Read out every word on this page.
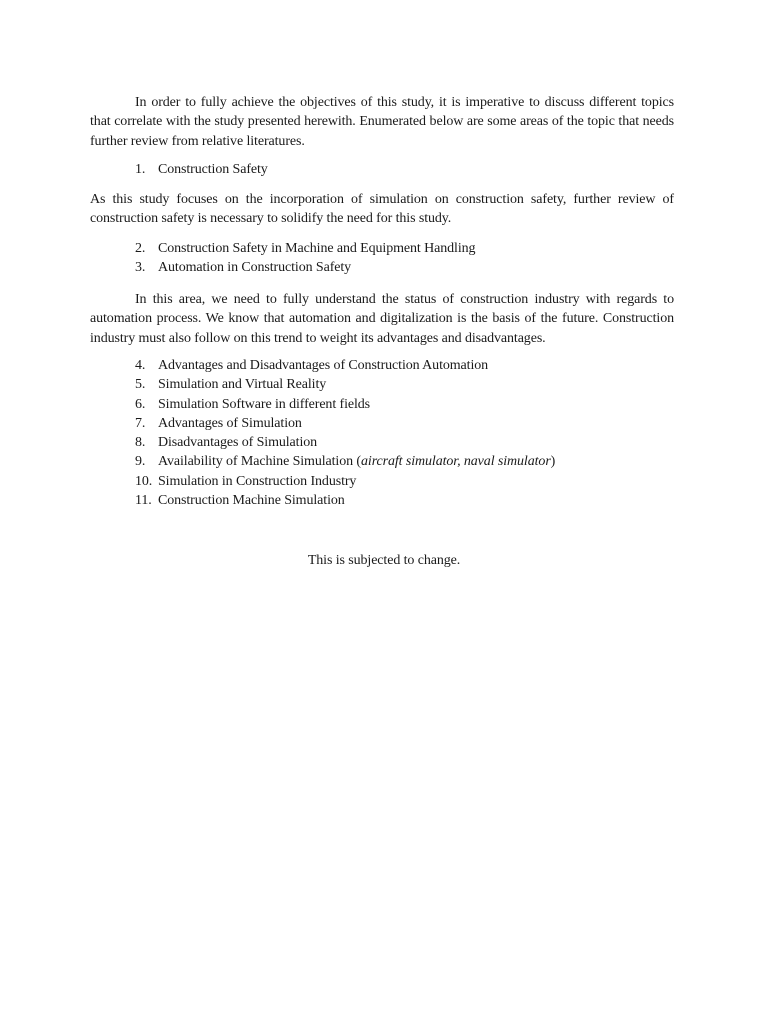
In order to fully achieve the objectives of this study, it is imperative to discuss different topics that correlate with the study presented herewith. Enumerated below are some areas of the topic that needs further review from relative literatures.

1. Construction Safety

As this study focuses on the incorporation of simulation on construction safety, further review of construction safety is necessary to solidify the need for this study.

2. Construction Safety in Machine and Equipment Handling
3. Automation in Construction Safety

In this area, we need to fully understand the status of construction industry with regards to automation process. We know that automation and digitalization is the basis of the future. Construction industry must also follow on this trend to weight its advantages and disadvantages.

4. Advantages and Disadvantages of Construction Automation
5. Simulation and Virtual Reality
6. Simulation Software in different fields
7. Advantages of Simulation
8. Disadvantages of Simulation
9. Availability of Machine Simulation (aircraft simulator, naval simulator)
10. Simulation in Construction Industry
11. Construction Machine Simulation

This is subjected to change.
